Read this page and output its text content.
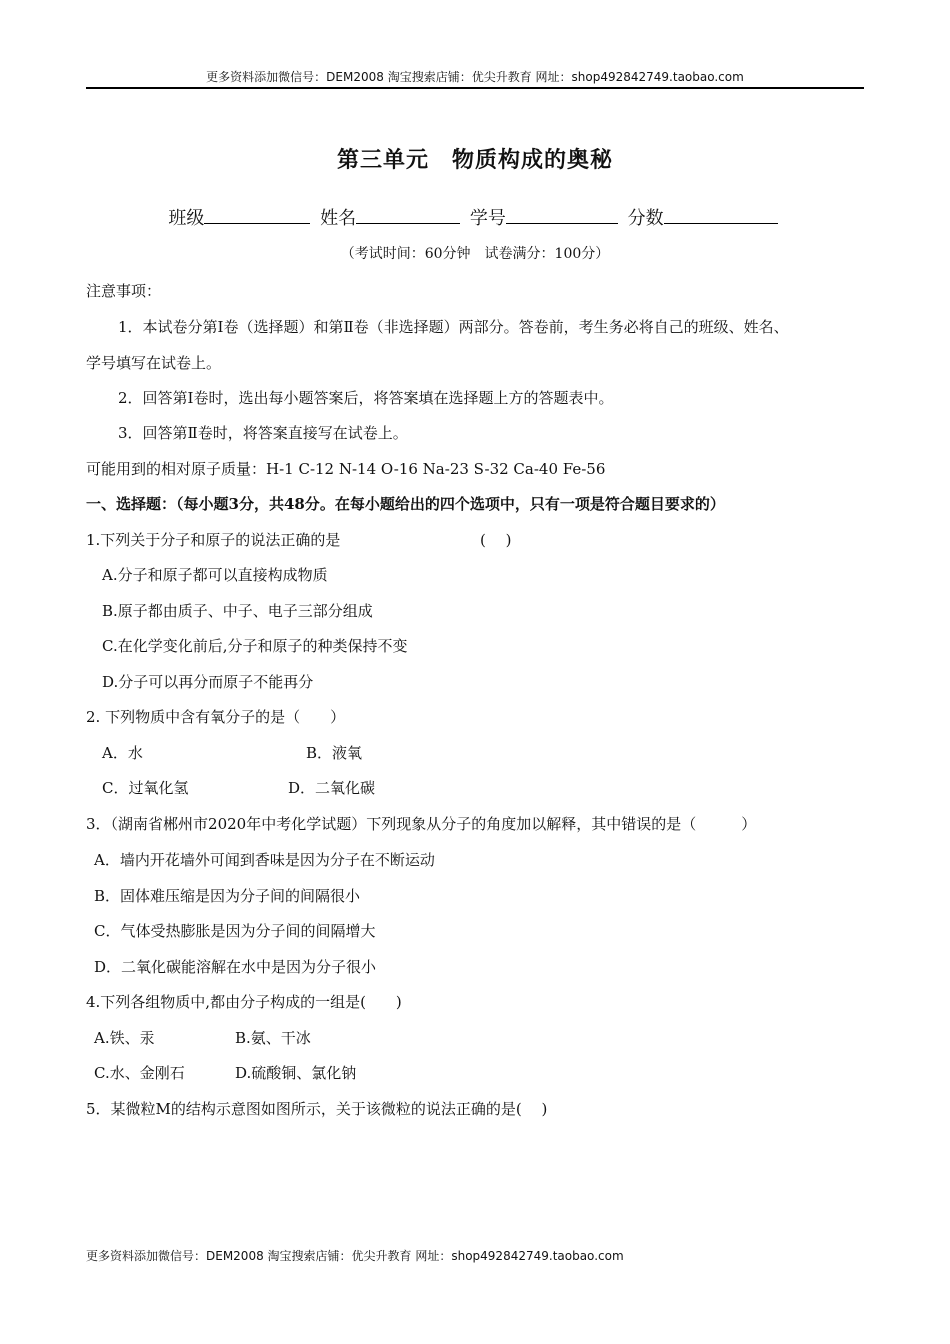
更多资料添加微信号：DEM2008 淘宝搜索店铺：优尖升教育 网址：shop492842749.taobao.com
第三单元　物质构成的奥秘
班级	姓名	学号	分数
（考试时间：60分钟　试卷满分：100分）
注意事项：
1．本试卷分第Ⅰ卷（选择题）和第Ⅱ卷（非选择题）两部分。答卷前，考生务必将自己的班级、姓名、
学号填写在试卷上。
2．回答第Ⅰ卷时，选出每小题答案后，将答案填在选择题上方的答题表中。
3．回答第Ⅱ卷时，将答案直接写在试卷上。
可能用到的相对原子质量：H-1 C-12 N-14 O-16 Na-23 S-32 Ca-40 Fe-56
一、选择题：（每小题3分，共48分。在每小题给出的四个选项中，只有一项是符合题目要求的）
1.下列关于分子和原子的说法正确的是	(　 )
A.分子和原子都可以直接构成物质
B.原子都由质子、中子、电子三部分组成
C.在化学变化前后,分子和原子的种类保持不变
D.分子可以再分而原子不能再分
2. 下列物质中含有氧分子的是（　　）
A．水	B．液氧
C．过氧化氢	D．二氧化碳
3．（湖南省郴州市2020年中考化学试题）下列现象从分子的角度加以解释，其中错误的是（　　　）
A．墙内开花墙外可闻到香味是因为分子在不断运动
B．固体难压缩是因为分子间的间隔很小
C．气体受热膨胀是因为分子间的间隔增大
D．二氧化碳能溶解在水中是因为分子很小
4.下列各组物质中,都由分子构成的一组是(　　)
A.铁、汞	B.氨、干冰
C.水、金刚石	D.硫酸铜、氯化钠
5．某微粒M的结构示意图如图所示，关于该微粒的说法正确的是(　 )
更多资料添加微信号：DEM2008 淘宝搜索店铺：优尖升教育 网址：shop492842749.taobao.com
